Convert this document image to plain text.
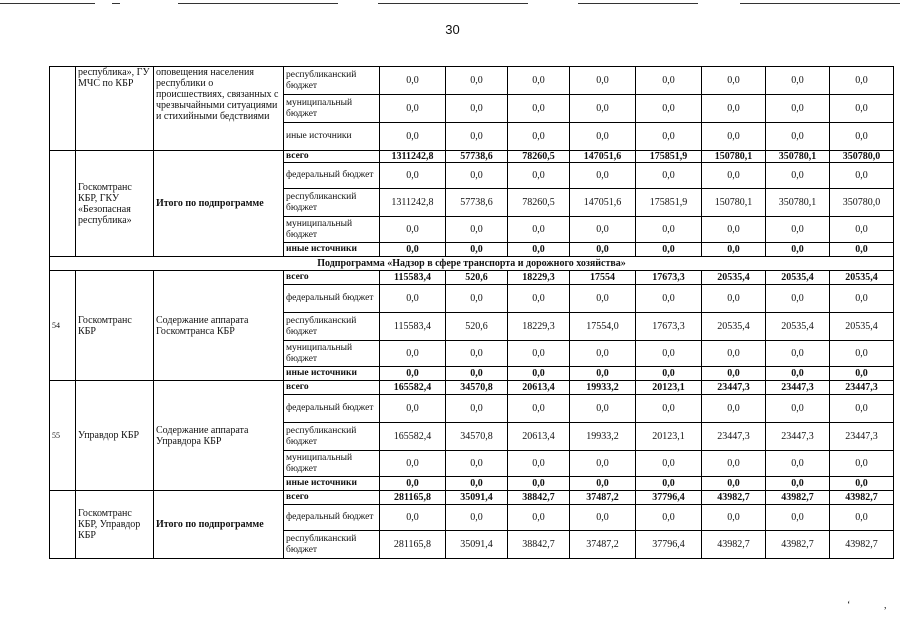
30
	республика», ГУ МЧС по КБР	оповещения населения республики о происшествиях, связанных с чрезвычайными ситуациями и стихийными бедствиями	республиканский бюджет	0,0	0,0	0,0	0,0	0,0	0,0	0,0	0,0
			муниципальный бюджет	0,0	0,0	0,0	0,0	0,0	0,0	0,0	0,0
			иные источники	0,0	0,0	0,0	0,0	0,0	0,0	0,0	0,0
	Госкомтранс КБР, ГКУ «Безопасная республика»	Итого по подпрограмме	всего	1311242,8	57738,6	78260,5	147051,6	175851,9	150780,1	350780,1	350780,0
			федеральный бюджет	0,0	0,0	0,0	0,0	0,0	0,0	0,0	0,0
			республиканский бюджет	1311242,8	57738,6	78260,5	147051,6	175851,9	150780,1	350780,1	350780,0
			муниципальный бюджет	0,0	0,0	0,0	0,0	0,0	0,0	0,0	0,0
			иные источники	0,0	0,0	0,0	0,0	0,0	0,0	0,0	0,0
Подпрограмма «Надзор в сфере транспорта и дорожного хозяйства»											
54	Госкомтранс КБР	Содержание аппарата Госкомтранса КБР	всего	115583,4	520,6	18229,3	17554	17673,3	20535,4	20535,4	20535,4
			федеральный бюджет	0,0	0,0	0,0	0,0	0,0	0,0	0,0	0,0
			республиканский бюджет	115583,4	520,6	18229,3	17554,0	17673,3	20535,4	20535,4	20535,4
			муниципальный бюджет	0,0	0,0	0,0	0,0	0,0	0,0	0,0	0,0
			иные источники	0,0	0,0	0,0	0,0	0,0	0,0	0,0	0,0
55	Управдор КБР	Содержание аппарата Управдора КБР	всего	165582,4	34570,8	20613,4	19933,2	20123,1	23447,3	23447,3	23447,3
			федеральный бюджет	0,0	0,0	0,0	0,0	0,0	0,0	0,0	0,0
			республиканский бюджет	165582,4	34570,8	20613,4	19933,2	20123,1	23447,3	23447,3	23447,3
			муниципальный бюджет	0,0	0,0	0,0	0,0	0,0	0,0	0,0	0,0
			иные источники	0,0	0,0	0,0	0,0	0,0	0,0	0,0	0,0
	Госкомтранс КБР, Управдор КБР	Итого по подпрограмме	всего	281165,8	35091,4	38842,7	37487,2	37796,4	43982,7	43982,7	43982,7
			федеральный бюджет	0,0	0,0	0,0	0,0	0,0	0,0	0,0	0,0
			республиканский бюджет	281165,8	35091,4	38842,7	37487,2	37796,4	43982,7	43982,7	43982,7
‘	,
